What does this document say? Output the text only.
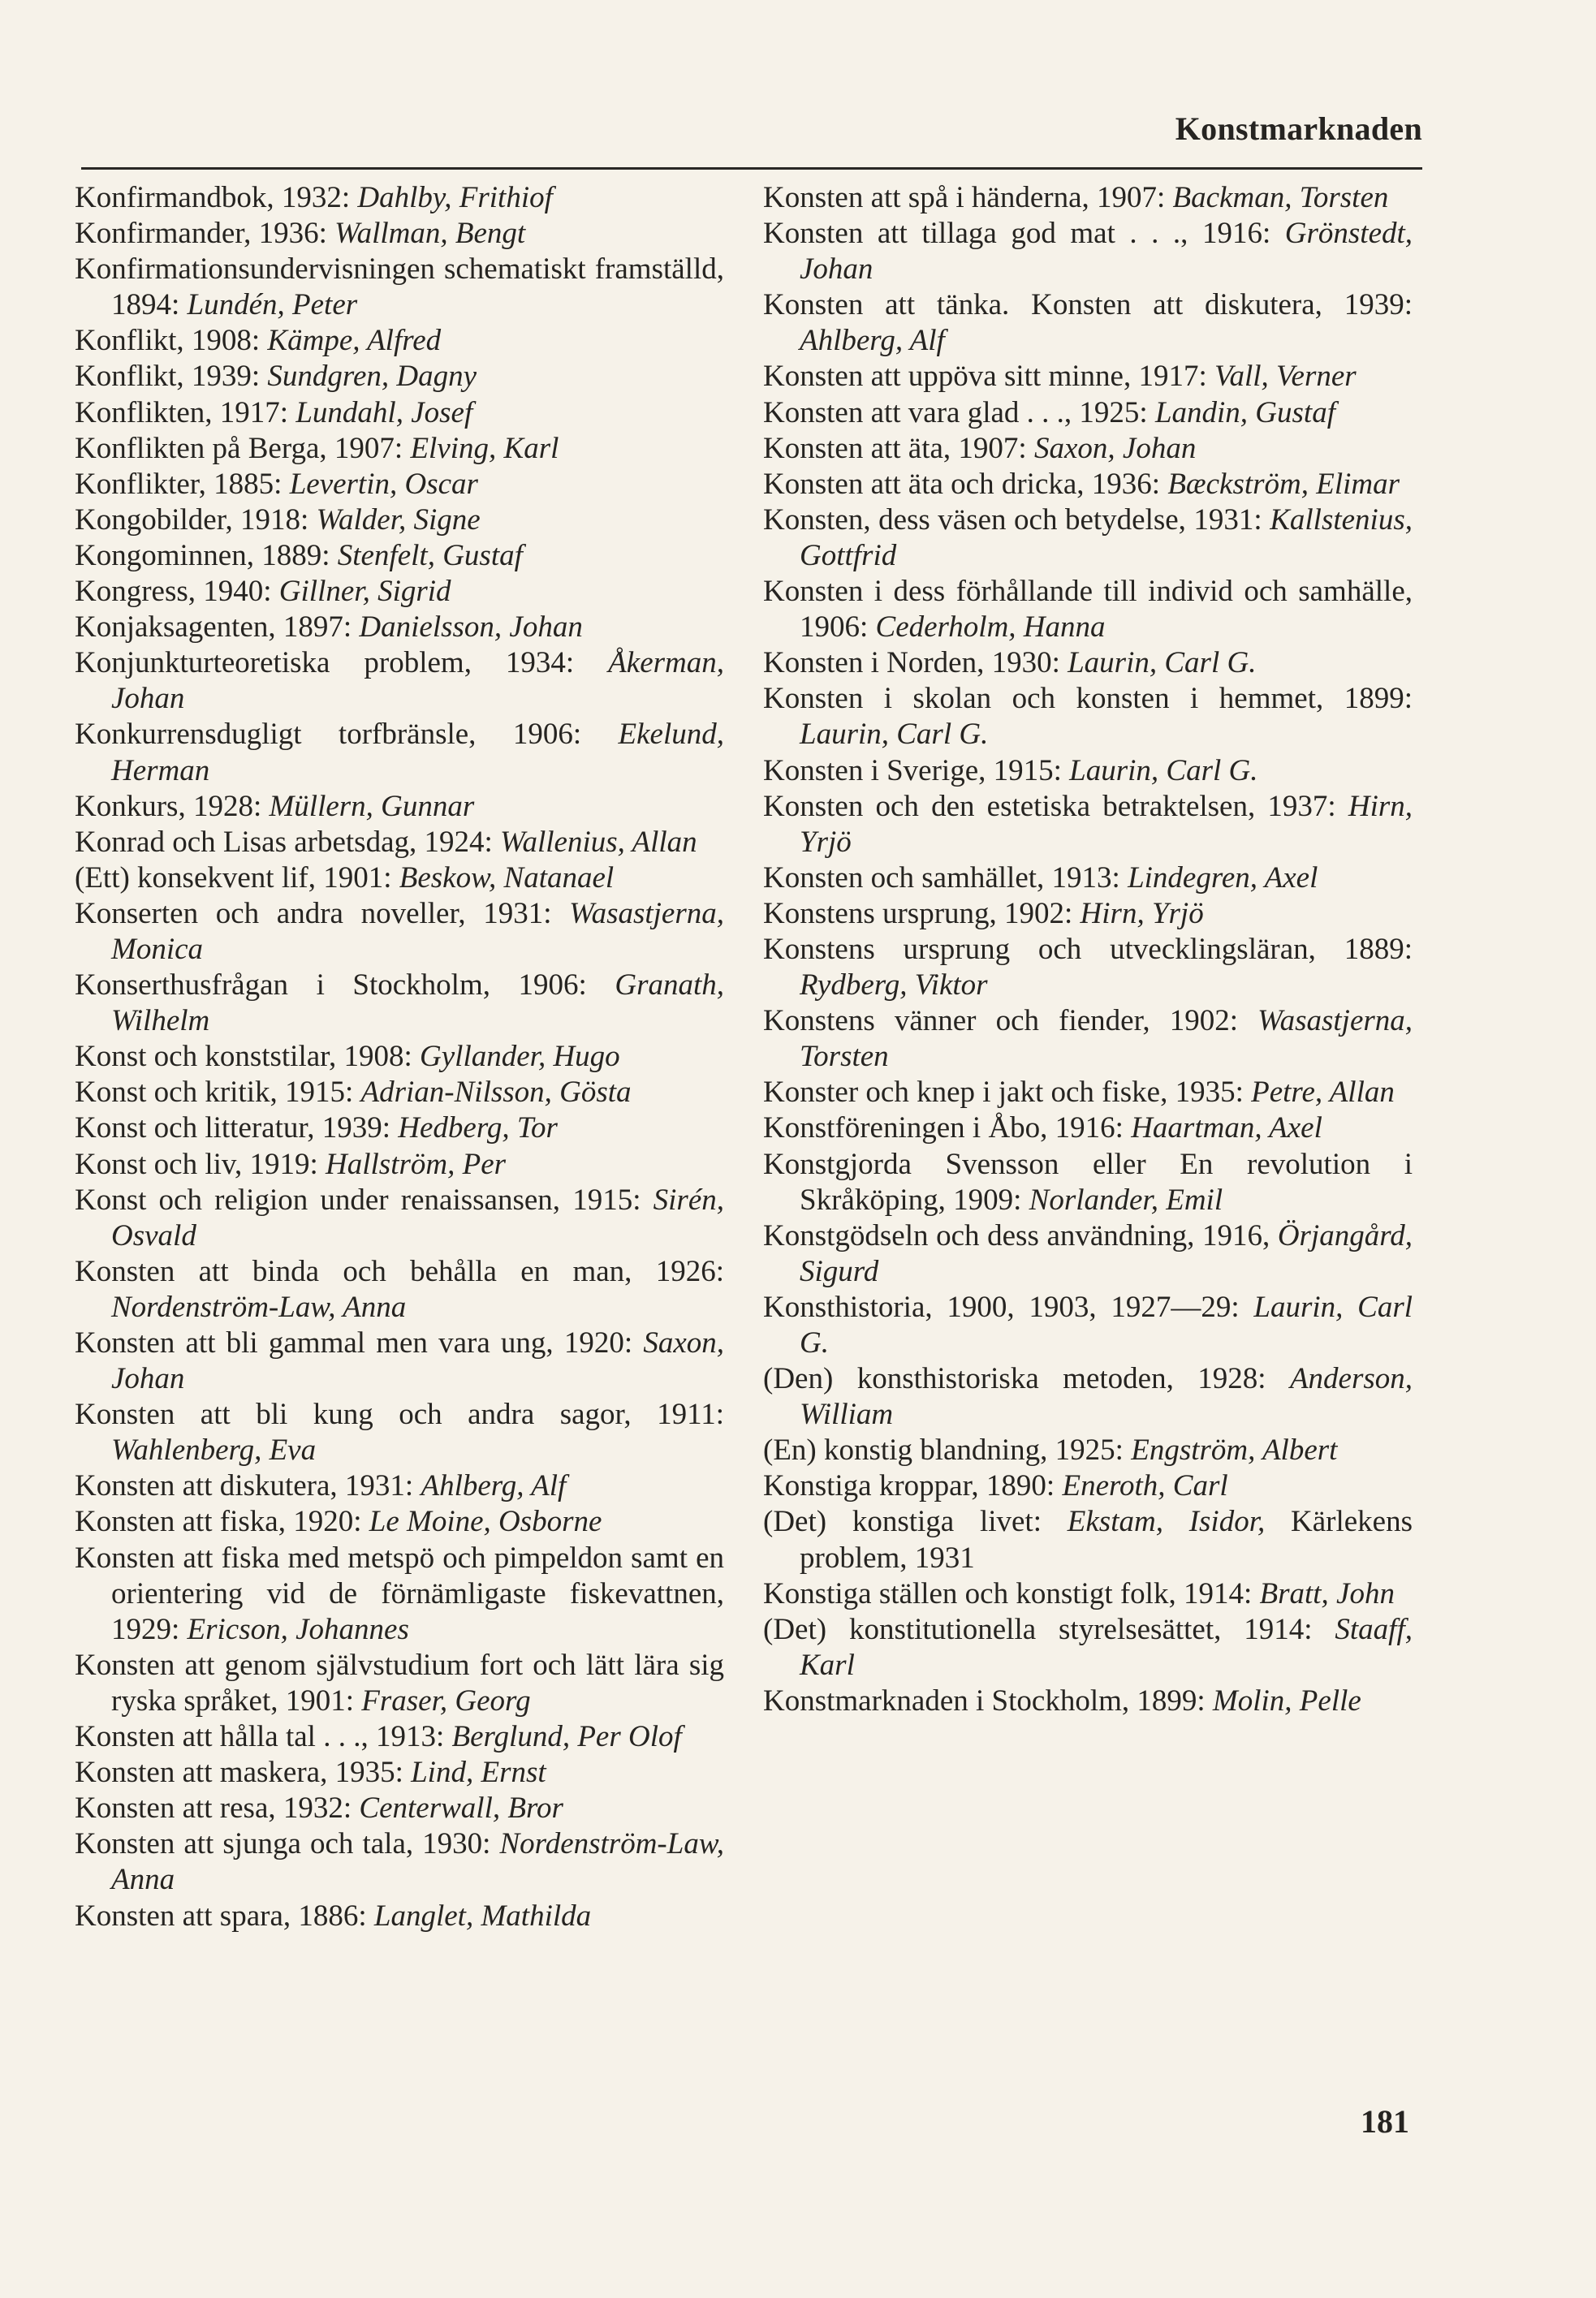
Konstmarknaden

Konfirmandbok, 1932: Dahlby, Frithiof

Konfirmander, 1936: Wallman, Bengt

Konfirmationsundervisningen schematiskt framställd, 1894: Lundén, Peter

Konflikt, 1908: Kämpe, Alfred

Konflikt, 1939: Sundgren, Dagny

Konflikten, 1917: Lundahl, Josef

Konflikten på Berga, 1907: Elving, Karl

Konflikter, 1885: Levertin, Oscar

Kongobilder, 1918: Walder, Signe

Kongominnen, 1889: Stenfelt, Gustaf

Kongress, 1940: Gillner, Sigrid

Konjaksagenten, 1897: Danielsson, Johan

Konjunkturteoretiska problem, 1934: Åkerman, Johan

Konkurrensdugligt torfbränsle, 1906: Ekelund, Herman

Konkurs, 1928: Müllern, Gunnar

Konrad och Lisas arbetsdag, 1924: Wallenius, Allan

(Ett) konsekvent lif, 1901: Beskow, Natanael

Konserten och andra noveller, 1931: Wasastjerna, Monica

Konserthusfrågan i Stockholm, 1906: Granath, Wilhelm

Konst och konststilar, 1908: Gyllander, Hugo

Konst och kritik, 1915: Adrian-Nilsson, Gösta

Konst och litteratur, 1939: Hedberg, Tor

Konst och liv, 1919: Hallström, Per

Konst och religion under renaissansen, 1915: Sirén, Osvald

Konsten att binda och behålla en man, 1926: Nordenström-Law, Anna

Konsten att bli gammal men vara ung, 1920: Saxon, Johan

Konsten att bli kung och andra sagor, 1911: Wahlenberg, Eva

Konsten att diskutera, 1931: Ahlberg, Alf

Konsten att fiska, 1920: Le Moine, Osborne

Konsten att fiska med metspö och pimpeldon samt en orientering vid de förnämligaste fiskevattnen, 1929: Ericson, Johannes

Konsten att genom självstudium fort och lätt lära sig ryska språket, 1901: Fraser, Georg

Konsten att hålla tal . . ., 1913: Berglund, Per Olof

Konsten att maskera, 1935: Lind, Ernst

Konsten att resa, 1932: Centerwall, Bror

Konsten att sjunga och tala, 1930: Nordenström-Law, Anna

Konsten att spara, 1886: Langlet, Mathilda

Konsten att spå i händerna, 1907: Backman, Torsten

Konsten att tillaga god mat . . ., 1916: Grönstedt, Johan

Konsten att tänka. Konsten att diskutera, 1939: Ahlberg, Alf

Konsten att uppöva sitt minne, 1917: Vall, Verner

Konsten att vara glad . . ., 1925: Landin, Gustaf

Konsten att äta, 1907: Saxon, Johan

Konsten att äta och dricka, 1936: Bæckström, Elimar

Konsten, dess väsen och betydelse, 1931: Kallstenius, Gottfrid

Konsten i dess förhållande till individ och samhälle, 1906: Cederholm, Hanna

Konsten i Norden, 1930: Laurin, Carl G.

Konsten i skolan och konsten i hemmet, 1899: Laurin, Carl G.

Konsten i Sverige, 1915: Laurin, Carl G.

Konsten och den estetiska betraktelsen, 1937: Hirn, Yrjö

Konsten och samhället, 1913: Lindegren, Axel

Konstens ursprung, 1902: Hirn, Yrjö

Konstens ursprung och utvecklingsläran, 1889: Rydberg, Viktor

Konstens vänner och fiender, 1902: Wasastjerna, Torsten

Konster och knep i jakt och fiske, 1935: Petre, Allan

Konstföreningen i Åbo, 1916: Haartman, Axel

Konstgjorda Svensson eller En revolution i Skråköping, 1909: Norlander, Emil

Konstgödseln och dess användning, 1916, Örjangård, Sigurd

Konsthistoria, 1900, 1903, 1927—29: Laurin, Carl G.

(Den) konsthistoriska metoden, 1928: Anderson, William

(En) konstig blandning, 1925: Engström, Albert

Konstiga kroppar, 1890: Eneroth, Carl

(Det) konstiga livet: Ekstam, Isidor, Kärlekens problem, 1931

Konstiga ställen och konstigt folk, 1914: Bratt, John

(Det) konstitutionella styrelsesättet, 1914: Staaff, Karl

Konstmarknaden i Stockholm, 1899: Molin, Pelle

181
